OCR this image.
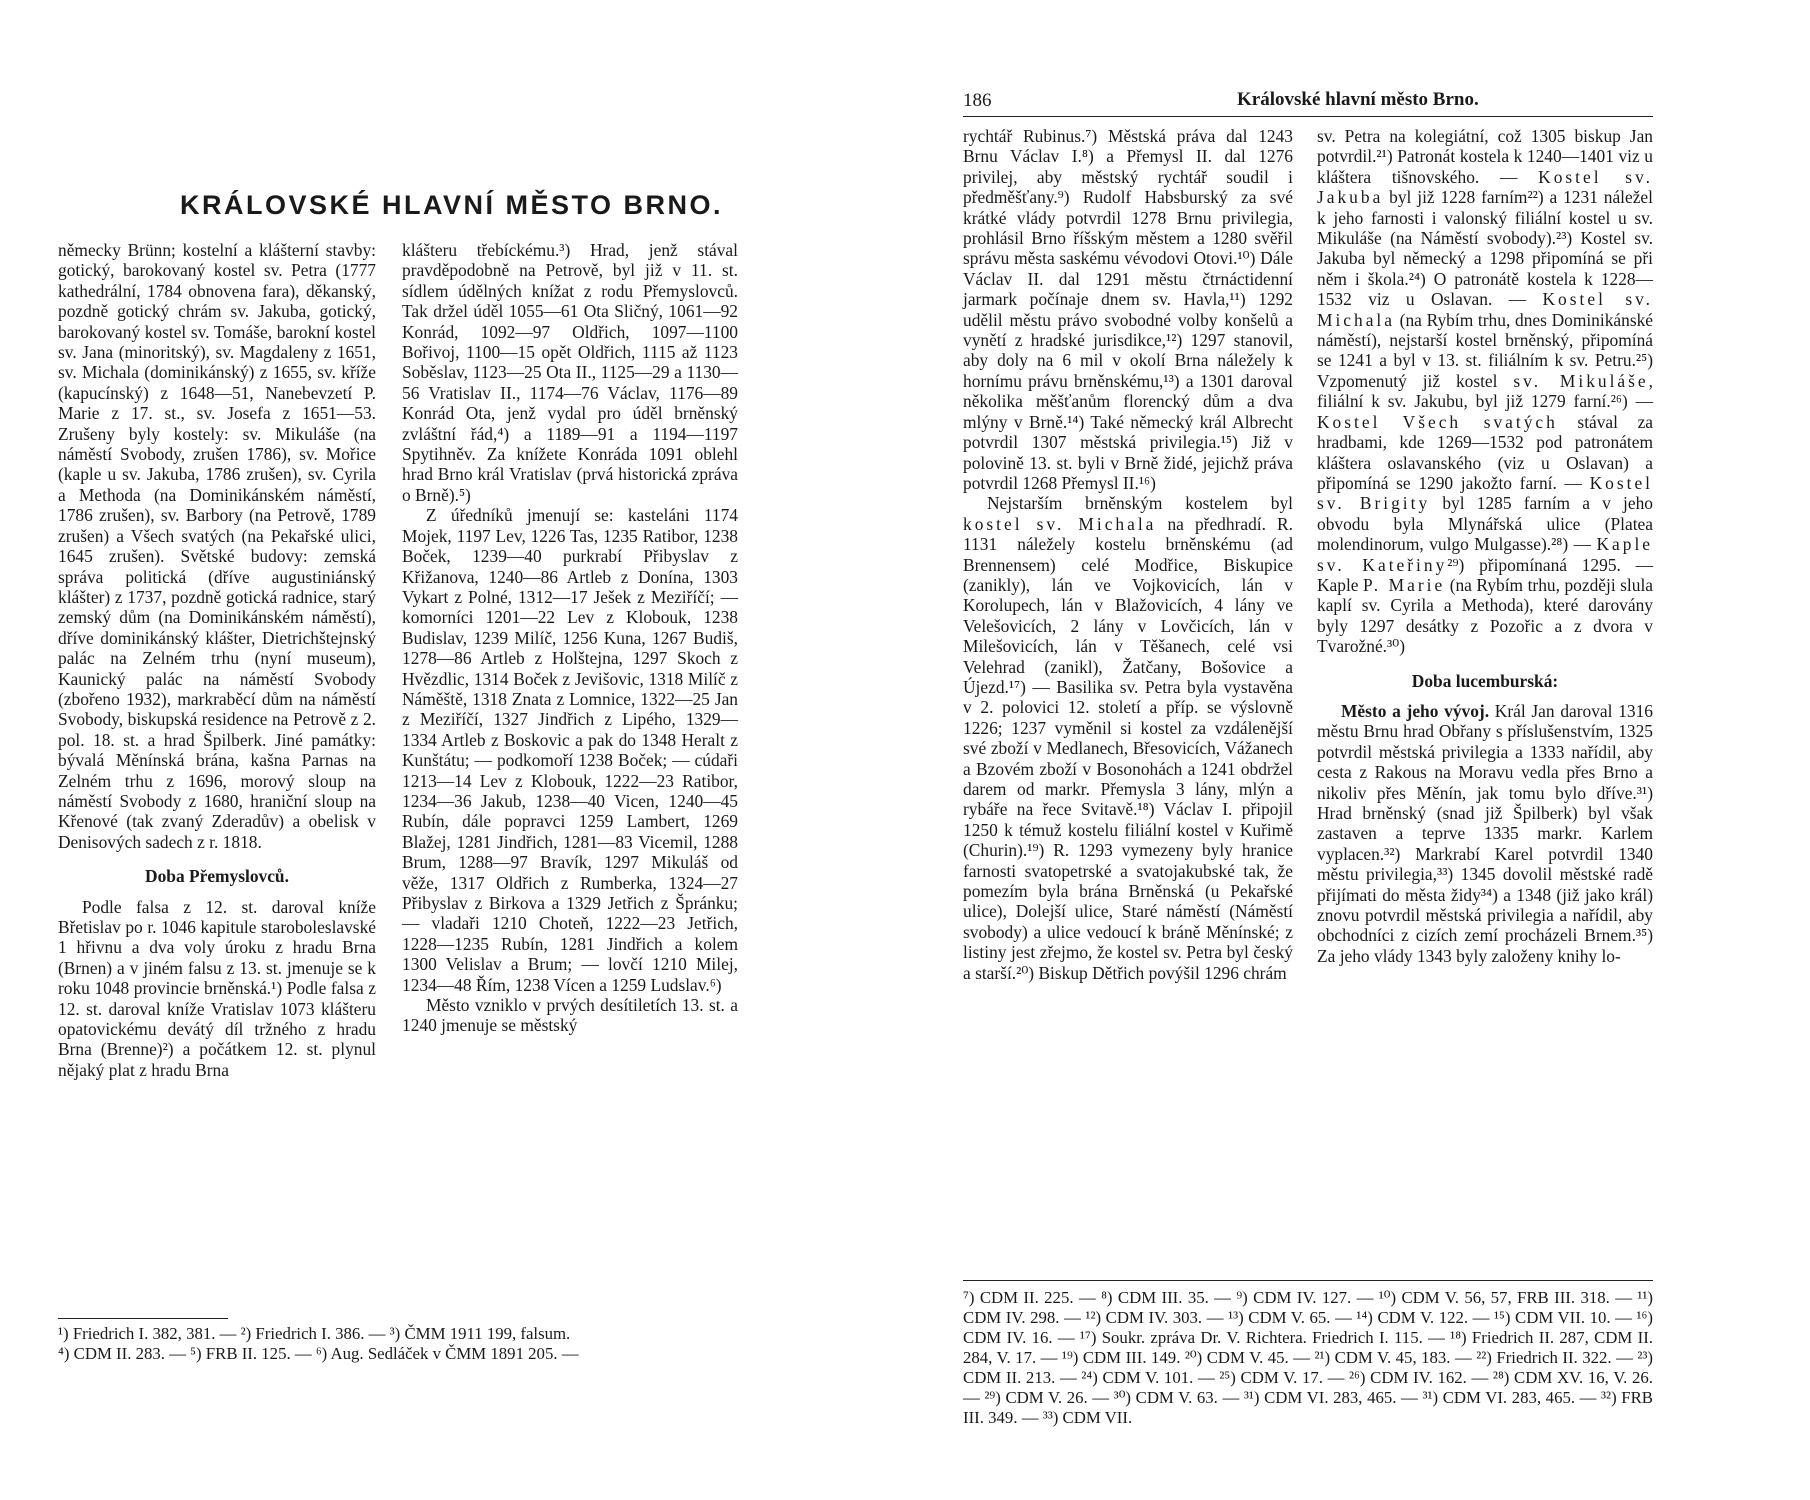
KRÁLOVSKÉ HLAVNÍ MĚSTO BRNO.

německy Brünn; kostelní a klášterní stavby: gotický, barokovaný kostel sv. Petra (1777 kathedrální, 1784 obnovena fara), děkanský, pozdně gotický chrám sv. Jakuba, gotický, barokovaný kostel sv. Tomáše, barokní kostel sv. Jana (minoritský), sv. Magdaleny z 1651, sv. Michala (dominikánský) z 1655, sv. kříže (kapucínský) z 1648—51, Nanebevzetí P. Marie z 17. st., sv. Josefa z 1651—53. Zrušeny byly kostely: sv. Mikuláše (na náměstí Svobody, zrušen 1786), sv. Mořice (kaple u sv. Jakuba, 1786 zrušen), sv. Cyrila a Methoda (na Dominikánském náměstí, 1786 zrušen), sv. Barbory (na Petrově, 1789 zrušen) a Všech svatých (na Pekařské ulici, 1645 zrušen). Světské budovy: zemská správa politická (dříve augustiniánský klášter) z 1737, pozdně gotická radnice, starý zemský dům (na Dominikánském náměstí), dříve dominikánský klášter, Dietrichštejnský palác na Zelném trhu (nyní museum), Kaunický palác na náměstí Svobody (zbořeno 1932), markraběcí dům na náměstí Svobody, biskupská residence na Petrově z 2. pol. 18. st. a hrad Špilberk. Jiné památky: bývalá Měnínská brána, kašna Parnas na Zelném trhu z 1696, morový sloup na náměstí Svobody z 1680, hraniční sloup na Křenové (tak zvaný Zderadův) a obelisk v Denisových sadech z r. 1818.

Doba Přemyslovců.

Podle falsa z 12. st. daroval kníže Břetislav po r. 1046 kapitule staroboleslavské 1 hřivnu a dva voly úroku z hradu Brna (Brnen) a v jiném falsu z 13. st. jmenuje se k roku 1048 provincie brněnská.¹) Podle falsa z 12. st. daroval kníže Vratislav 1073 klášteru opatovickému devátý díl tržného z hradu Brna (Brenne)²) a počátkem 12. st. plynul nějaký plat z hradu Brna

klášteru třebíckému.³) Hrad, jenž stával pravděpodobně na Petrově, byl již v 11. st. sídlem údělných knížat z rodu Přemyslovců. Tak držel úděl 1055—61 Ota Sličný, 1061—92 Konrád, 1092—97 Oldřich, 1097—1100 Bořivoj, 1100—15 opět Oldřich, 1115 až 1123 Soběslav, 1123—25 Ota II., 1125—29 a 1130—56 Vratislav II., 1174—76 Václav, 1176—89 Konrád Ota, jenž vydal pro úděl brněnský zvláštní řád,⁴) a 1189—91 a 1194—1197 Spytihněv. Za knížete Konráda 1091 oblehl hrad Brno král Vratislav (prvá historická zpráva o Brně).⁵)

Z úředníků jmenují se: kasteláni 1174 Mojek, 1197 Lev, 1226 Tas, 1235 Ratibor, 1238 Boček, 1239—40 purkrabí Přibyslav z Křižanova, 1240—86 Artleb z Donína, 1303 Vykart z Polné, 1312—17 Ješek z Meziříčí; — komorníci 1201—22 Lev z Klobouk, 1238 Budislav, 1239 Milíč, 1256 Kuna, 1267 Budiš, 1278—86 Artleb z Holštejna, 1297 Skoch z Hvězdlic, 1314 Boček z Jevišovic, 1318 Milíč z Náměště, 1318 Znata z Lomnice, 1322—25 Jan z Meziříčí, 1327 Jindřich z Lipého, 1329—1334 Artleb z Boskovic a pak do 1348 Heralt z Kunštátu; — podkomoří 1238 Boček; — cúdaři 1213—14 Lev z Klobouk, 1222—23 Ratibor, 1234—36 Jakub, 1238—40 Vicen, 1240—45 Rubín, dále popravci 1259 Lambert, 1269 Blažej, 1281 Jindřich, 1281—83 Vicemil, 1288 Brum, 1288—97 Bravík, 1297 Mikuláš od věže, 1317 Oldřich z Rumberka, 1324—27 Přibyslav z Birkova a 1329 Jetřich z Špránku; — vladaři 1210 Choteň, 1222—23 Jetřich, 1228—1235 Rubín, 1281 Jindřich a kolem 1300 Velislav a Brum; — lovčí 1210 Milej, 1234—48 Řím, 1238 Vícen a 1259 Ludslav.⁶)

Město vzniklo v prvých desítiletích 13. st. a 1240 jmenuje se městský

¹) Friedrich I. 382, 381. — ²) Friedrich I. 386. — ³) ČMM 1911 199, falsum.

⁴) CDM II. 283. — ⁵) FRB II. 125. — ⁶) Aug. Sedláček v ČMM 1891 205. —

186	Královské hlavní město Brno.

rychtář Rubinus.⁷) Městská práva dal 1243 Brnu Václav I.⁸) a Přemysl II. dal 1276 privilej, aby městský rychtář soudil i předměšťany.⁹) Rudolf Habsburský za své krátké vlády potvrdil 1278 Brnu privilegia, prohlásil Brno říšským městem a 1280 svěřil správu města saskému vévodovi Otovi.¹⁰) Dále Václav II. dal 1291 městu čtrnáctidenní jarmark počínaje dnem sv. Havla,¹¹) 1292 udělil městu právo svobodné volby konšelů a vynětí z hradské jurisdikce,¹²) 1297 stanovil, aby doly na 6 mil v okolí Brna náležely k hornímu právu brněnskému,¹³) a 1301 daroval několika měšťanům florencký dům a dva mlýny v Brně.¹⁴) Také německý král Albrecht potvrdil 1307 městská privilegia.¹⁵) Již v polovině 13. st. byli v Brně židé, jejichž práva potvrdil 1268 Přemysl II.¹⁶)

Nejstarším brněnským kostelem byl kostel sv. Michala na předhradí. R. 1131 náležely kostelu brněnskému (ad Brennensem) celé Modřice, Biskupice (zanikly), lán ve Vojkovicích, lán v Korolupech, lán v Blažovicích, 4 lány ve Velešovicích, 2 lány v Lovčicích, lán v Milešovicích, lán v Těšanech, celé vsi Velehrad (zanikl), Žatčany, Bošovice a Újezd.¹⁷) — Basilika sv. Petra byla vystavěna v 2. polovici 12. století a příp. se výslovně 1226; 1237 vyměnil si kostel za vzdálenější své zboží v Medlanech, Břesovicích, Vážanech a Bzovém zboží v Bosonohách a 1241 obdržel darem od markr. Přemysla 3 lány, mlýn a rybáře na řece Svitavě.¹⁸) Václav I. připojil 1250 k témuž kostelu filiální kostel v Kuřimě (Churin).¹⁹) R. 1293 vymezeny byly hranice farnosti svatopetrské a svatojakubské tak, že pomezím byla brána Brněnská (u Pekařské ulice), Dolejší ulice, Staré náměstí (Náměstí svobody) a ulice vedoucí k bráně Měnínské; z listiny jest zřejmo, že kostel sv. Petra byl český a starší.²⁰) Biskup Dětřich povýšil 1296 chrám

sv. Petra na kolegiátní, což 1305 biskup Jan potvrdil.²¹) Patronát kostela k 1240—1401 viz u kláštera tišnovského. — Kostel sv. Jakuba byl již 1228 farním²²) a 1231 náležel k jeho farnosti i valonský filiální kostel u sv. Mikuláše (na Náměstí svobody).²³) Kostel sv. Jakuba byl německý a 1298 připomíná se při něm i škola.²⁴) O patronátě kostela k 1228—1532 viz u Oslavan. — Kostel sv. Michala (na Rybím trhu, dnes Dominikánské náměstí), nejstarší kostel brněnský, připomíná se 1241 a byl v 13. st. filiálním k sv. Petru.²⁵) Vzpomenutý již kostel sv. Mikuláše, filiální k sv. Jakubu, byl již 1279 farní.²⁶) — Kostel Všech svatých stával za hradbami, kde 1269—1532 pod patronátem kláštera oslavanského (viz u Oslavan) a připomíná se 1290 jakožto farní. — Kostel sv. Brigity byl 1285 farním a v jeho obvodu byla Mlynářská ulice (Platea molendinorum, vulgo Mulgasse).²⁸) — Kaple sv. Kateřiny²⁹) připomínaná 1295. — Kaple P. Marie (na Rybím trhu, později slula kaplí sv. Cyrila a Methoda), které darovány byly 1297 desátky z Pozořic a z dvora v Tvarožné.³⁰)

Doba lucemburská:

Město a jeho vývoj. Král Jan daroval 1316 městu Brnu hrad Obřany s příslušenstvím, 1325 potvrdil městská privilegia a 1333 nařídil, aby cesta z Rakous na Moravu vedla přes Brno a nikoliv přes Měnín, jak tomu bylo dříve.³¹) Hrad brněnský (snad již Špilberk) byl však zastaven a teprve 1335 markr. Karlem vyplacen.³²) Markrabí Karel potvrdil 1340 městu privilegia,³³) 1345 dovolil městské radě přijímati do města židy³⁴) a 1348 (již jako král) znovu potvrdil městská privilegia a nařídil, aby obchodníci z cizích zemí procházeli Brnem.³⁵) Za jeho vlády 1343 byly založeny knihy lo-

⁷) CDM II. 225. — ⁸) CDM III. 35. — ⁹) CDM IV. 127. — ¹⁰) CDM V. 56, 57, FRB III. 318. — ¹¹) CDM IV. 298. — ¹²) CDM IV. 303. — ¹³) CDM V. 65. — ¹⁴) CDM V. 122. — ¹⁵) CDM VII. 10. — ¹⁶) CDM IV. 16. — ¹⁷) Soukr. zpráva Dr. V. Richtera. Friedrich I. 115. — ¹⁸) Friedrich II. 287, CDM II. 284, V. 17. — ¹⁹) CDM III. 149. ²⁰) CDM V. 45. — ²¹) CDM V. 45, 183. — ²²) Friedrich II. 322. — ²³) CDM II. 213. — ²⁴) CDM V. 101. — ²⁵) CDM V. 17. — ²⁶) CDM IV. 162. — ²⁸) CDM XV. 16, V. 26. — ²⁹) CDM V. 26. — ³⁰) CDM V. 63. — ³¹) CDM VI. 283, 465. — ³¹) CDM VI. 283, 465. — ³²) FRB III. 349. — ³³) CDM VII.
